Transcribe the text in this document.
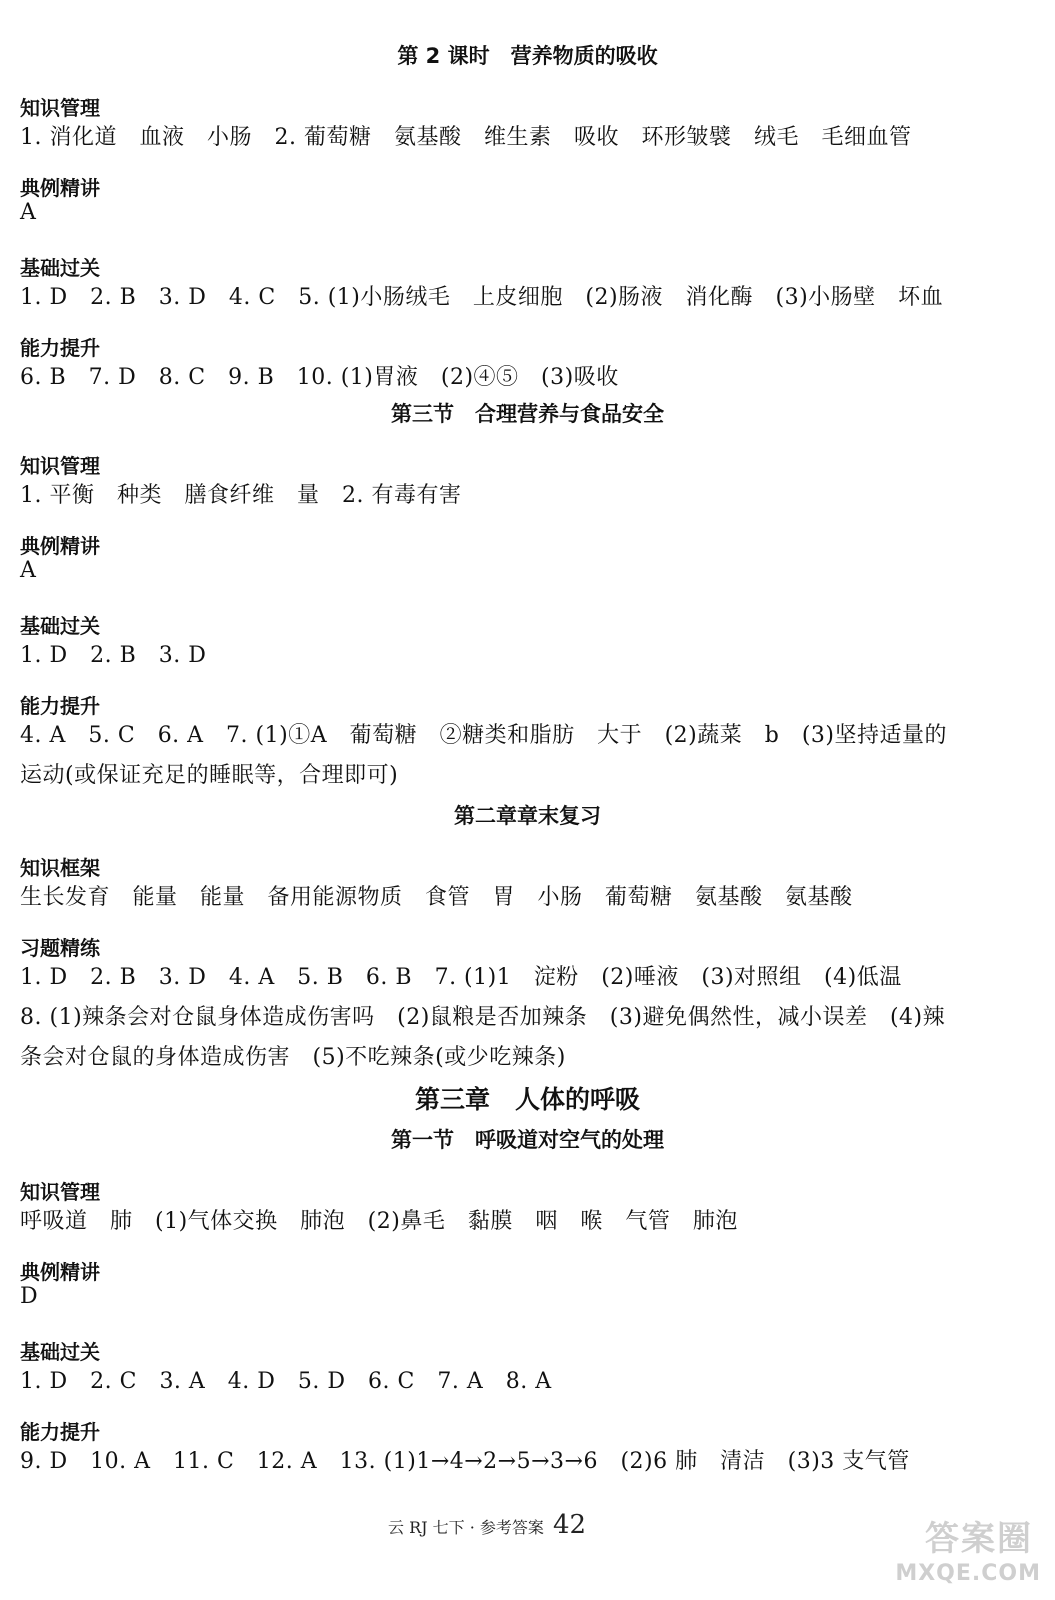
第 2 课时　营养物质的吸收
知识管理
1. 消化道　血液　小肠　2. 葡萄糖　氨基酸　维生素　吸收　环形皱襞　绒毛　毛细血管
典例精讲
A
基础过关
1. D　2. B　3. D　4. C　5. (1)小肠绒毛　上皮细胞　(2)肠液　消化酶　(3)小肠壁　坏血
能力提升
6. B　7. D　8. C　9. B　10. (1)胃液　(2)④⑤　(3)吸收
第三节　合理营养与食品安全
知识管理
1. 平衡　种类　膳食纤维　量　2. 有毒有害
典例精讲
A
基础过关
1. D　2. B　3. D
能力提升
4. A　5. C　6. A　7. (1)①A　葡萄糖　②糖类和脂肪　大于　(2)蔬菜　b　(3)坚持适量的
运动(或保证充足的睡眠等，合理即可)
第二章章末复习
知识框架
生长发育　能量　能量　备用能源物质　食管　胃　小肠　葡萄糖　氨基酸　氨基酸
习题精练
1. D　2. B　3. D　4. A　5. B　6. B　7. (1)1　淀粉　(2)唾液　(3)对照组　(4)低温
8. (1)辣条会对仓鼠身体造成伤害吗　(2)鼠粮是否加辣条　(3)避免偶然性，减小误差　(4)辣
条会对仓鼠的身体造成伤害　(5)不吃辣条(或少吃辣条)
第三章　人体的呼吸
第一节　呼吸道对空气的处理
知识管理
呼吸道　肺　(1)气体交换　肺泡　(2)鼻毛　黏膜　咽　喉　气管　肺泡
典例精讲
D
基础过关
1. D　2. C　3. A　4. D　5. D　6. C　7. A　8. A
能力提升
9. D　10. A　11. C　12. A　13. (1)1→4→2→5→3→6　(2)6 肺　清洁　(3)3 支气管
云 RJ 七下 · 参考答案 42	答案圈
MXQE.COM
